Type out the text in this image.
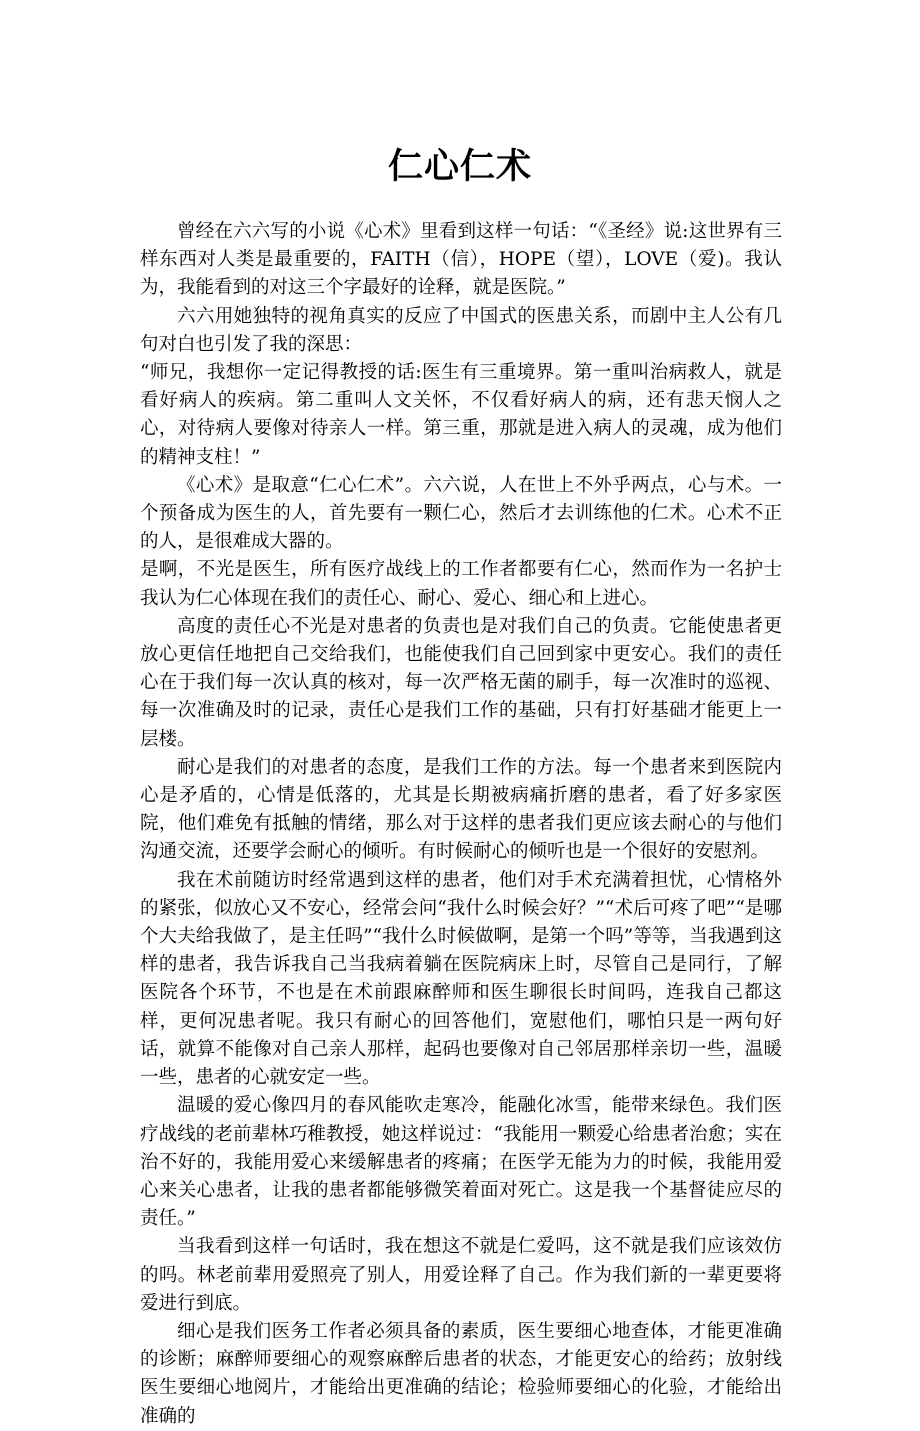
仁心仁术

曾经在六六写的小说《心术》里看到这样一句话：“《圣经》说:这世界有三样东西对人类是最重要的，FAITH（信），HOPE（望），LOVE（爱)。我认为，我能看到的对这三个字最好的诠释，就是医院。”

六六用她独特的视角真实的反应了中国式的医患关系，而剧中主人公有几句对白也引发了我的深思：

“师兄，我想你一定记得教授的话:医生有三重境界。第一重叫治病救人，就是看好病人的疾病。第二重叫人文关怀，不仅看好病人的病，还有悲天悯人之心，对待病人要像对待亲人一样。第三重，那就是进入病人的灵魂，成为他们的精神支柱！”

《心术》是取意“仁心仁术”。六六说，人在世上不外乎两点，心与术。一个预备成为医生的人，首先要有一颗仁心，然后才去训练他的仁术。心术不正的人，是很难成大器的。

是啊，不光是医生，所有医疗战线上的工作者都要有仁心，然而作为一名护士我认为仁心体现在我们的责任心、耐心、爱心、细心和上进心。

高度的责任心不光是对患者的负责也是对我们自己的负责。它能使患者更放心更信任地把自己交给我们，也能使我们自己回到家中更安心。我们的责任心在于我们每一次认真的核对，每一次严格无菌的刷手，每一次准时的巡视、每一次准确及时的记录，责任心是我们工作的基础，只有打好基础才能更上一层楼。

耐心是我们的对患者的态度，是我们工作的方法。每一个患者来到医院内心是矛盾的，心情是低落的，尤其是长期被病痛折磨的患者，看了好多家医院，他们难免有抵触的情绪，那么对于这样的患者我们更应该去耐心的与他们沟通交流，还要学会耐心的倾听。有时候耐心的倾听也是一个很好的安慰剂。

我在术前随访时经常遇到这样的患者，他们对手术充满着担忧，心情格外的紧张，似放心又不安心，经常会问“我什么时候会好？”“术后可疼了吧”“是哪个大夫给我做了，是主任吗”“我什么时候做啊，是第一个吗”等等，当我遇到这样的患者，我告诉我自己当我病着躺在医院病床上时，尽管自己是同行，了解医院各个环节，不也是在术前跟麻醉师和医生聊很长时间吗，连我自己都这样，更何况患者呢。我只有耐心的回答他们，宽慰他们，哪怕只是一两句好话，就算不能像对自己亲人那样，起码也要像对自己邻居那样亲切一些，温暖一些，患者的心就安定一些。

温暖的爱心像四月的春风能吹走寒冷，能融化冰雪，能带来绿色。我们医疗战线的老前辈林巧稚教授，她这样说过：“我能用一颗爱心给患者治愈；实在治不好的，我能用爱心来缓解患者的疼痛；在医学无能为力的时候，我能用爱心来关心患者，让我的患者都能够微笑着面对死亡。这是我一个基督徒应尽的责任。”

当我看到这样一句话时，我在想这不就是仁爱吗，这不就是我们应该效仿的吗。林老前辈用爱照亮了别人，用爱诠释了自己。作为我们新的一辈更要将爱进行到底。

细心是我们医务工作者必须具备的素质，医生要细心地查体，才能更准确的诊断；麻醉师要细心的观察麻醉后患者的状态，才能更安心的给药；放射线医生要细心地阅片，才能给出更准确的结论；检验师要细心的化验，才能给出准确的
